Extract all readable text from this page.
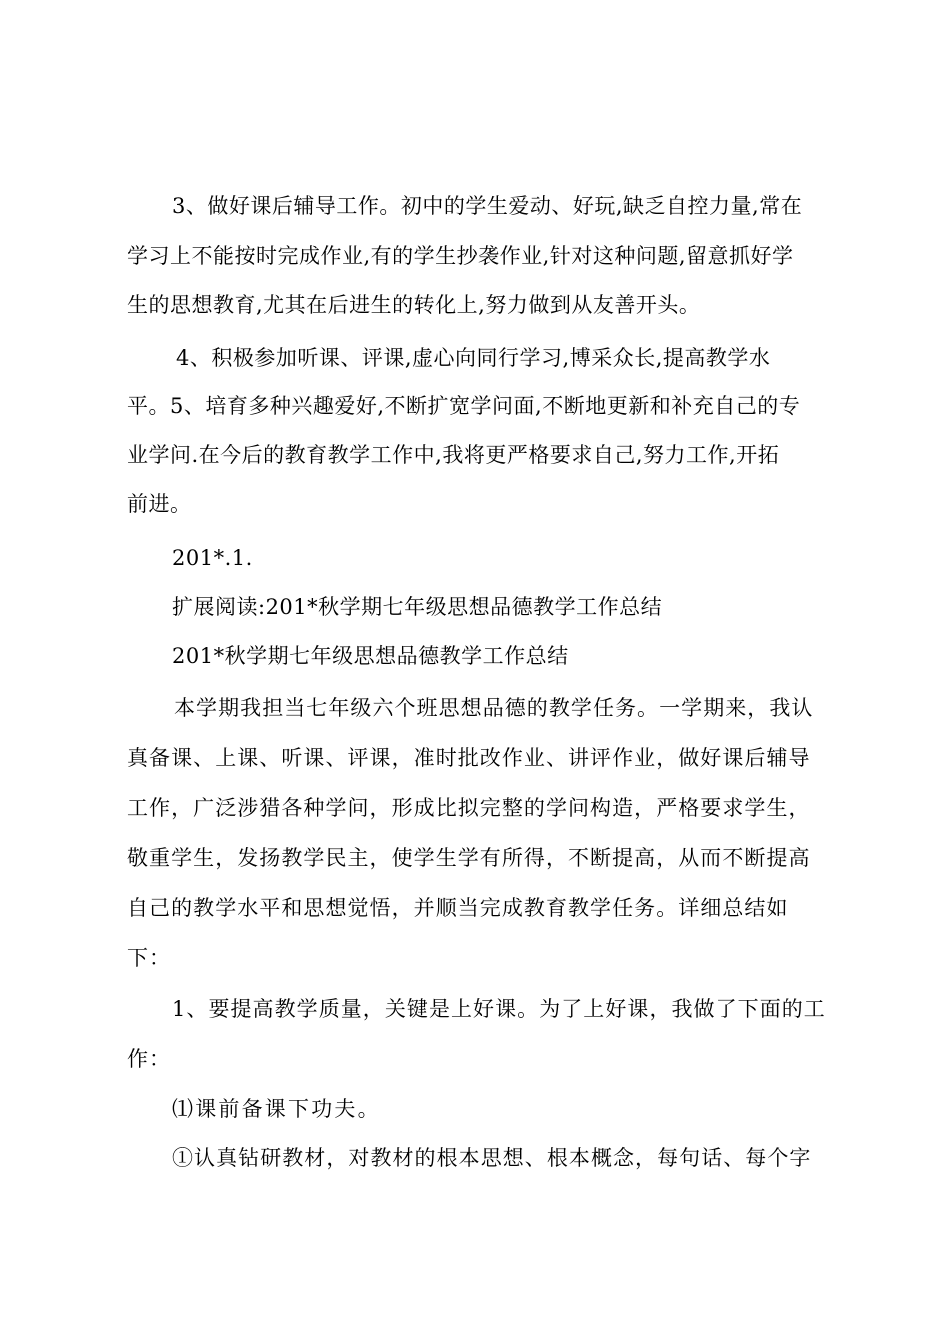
3、做好课后辅导工作。初中的学生爱动、好玩,缺乏自控力量,常在
学习上不能按时完成作业,有的学生抄袭作业,针对这种问题,留意抓好学
生的思想教育,尤其在后进生的转化上,努力做到从友善开头。
4、积极参加听课、评课,虚心向同行学习,博采众长,提高教学水
平。5、培育多种兴趣爱好,不断扩宽学问面,不断地更新和补充自己的专
业学问.在今后的教育教学工作中,我将更严格要求自己,努力工作,开拓
前进。
201*.1.
扩展阅读:201*秋学期七年级思想品德教学工作总结
201*秋学期七年级思想品德教学工作总结
本学期我担当七年级六个班思想品德的教学任务。一学期来，我认
真备课、上课、听课、评课，准时批改作业、讲评作业，做好课后辅导
工作，广泛涉猎各种学问，形成比拟完整的学问构造，严格要求学生，
敬重学生，发扬教学民主，使学生学有所得，不断提高，从而不断提高
自己的教学水平和思想觉悟，并顺当完成教育教学任务。详细总结如
下：
1、要提高教学质量，关键是上好课。为了上好课，我做了下面的工
作：
⑴课前备课下功夫。
①认真钻研教材，对教材的根本思想、根本概念，每句话、每个字
